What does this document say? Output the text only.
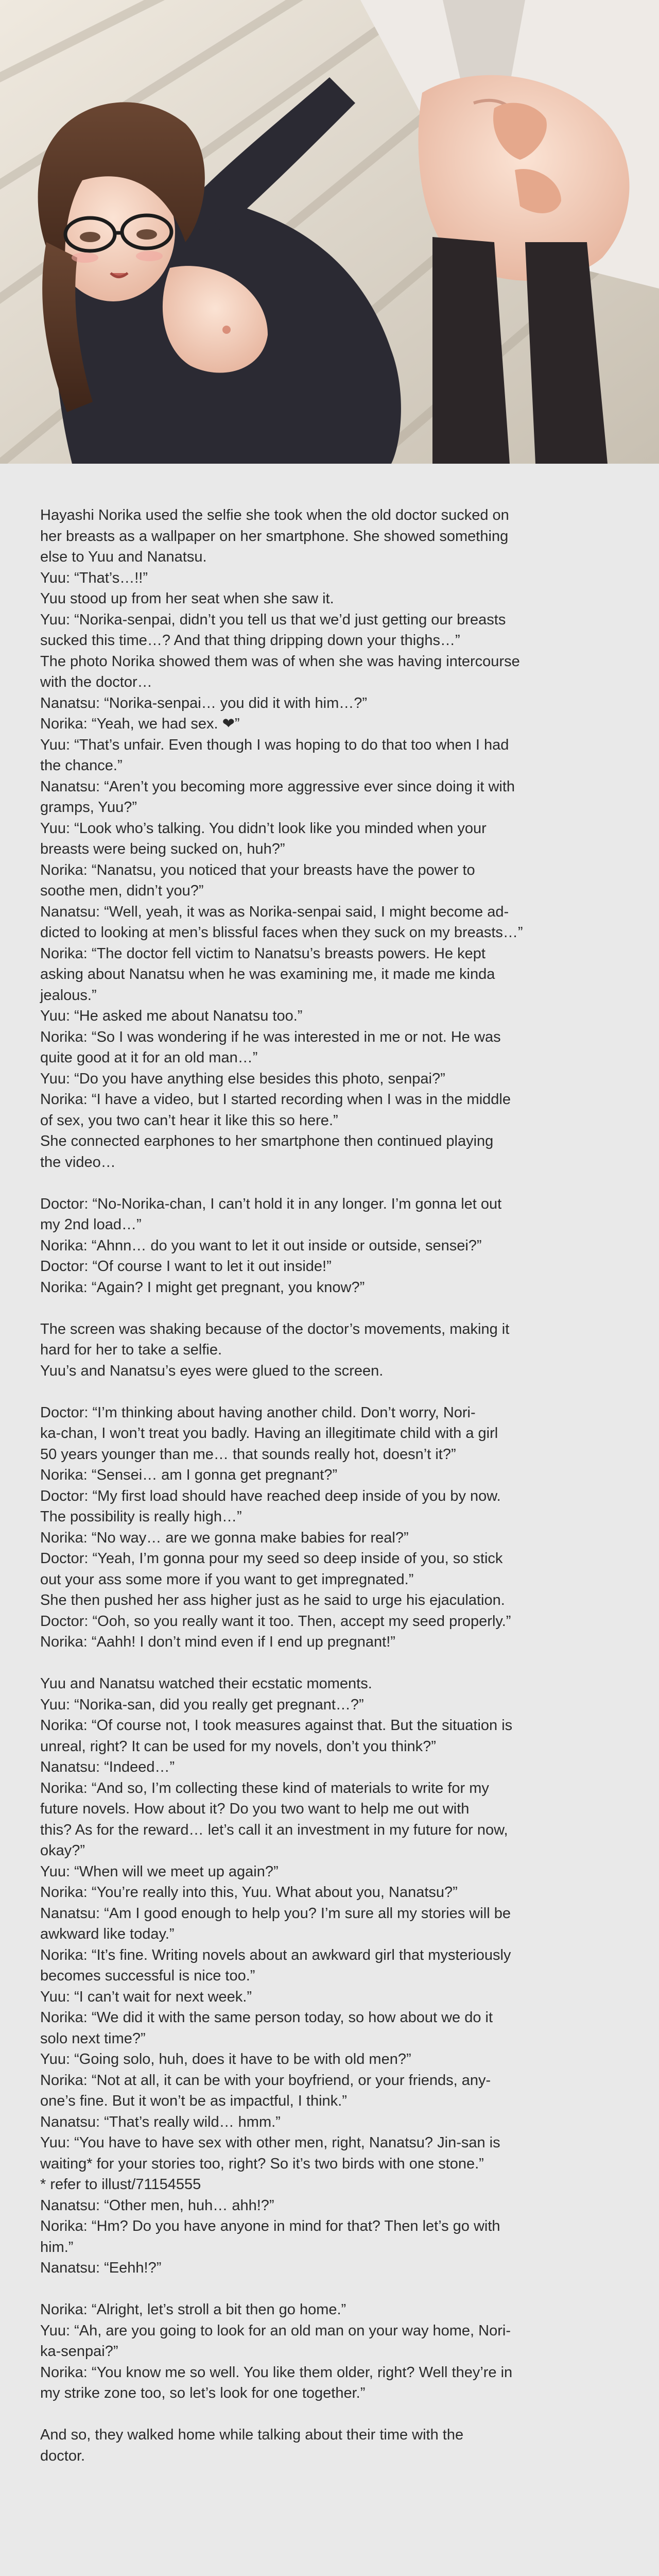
Hayashi Norika used the selfie she took when the old doctor sucked on

her breasts as a wallpaper on her smartphone. She showed something

else to Yuu and Nanatsu.

Yuu: “That’s…!!”

Yuu stood up from her seat when she saw it.

Yuu: “Norika-senpai, didn’t you tell us that we’d just getting our breasts

sucked this time…? And that thing dripping down your thighs…”

The photo Norika showed them was of when she was having intercourse

with the doctor…

Nanatsu: “Norika-senpai… you did it with him…?”

Norika: “Yeah, we had sex. ❤”

Yuu: “That’s unfair. Even though I was hoping to do that too when I had

the chance.”

Nanatsu: “Aren’t you becoming more aggressive ever since doing it with

gramps, Yuu?”

Yuu: “Look who’s talking. You didn’t look like you minded when your

breasts were being sucked on, huh?”

Norika: “Nanatsu, you noticed that your breasts have the power to

soothe men, didn’t you?”

Nanatsu: “Well, yeah, it was as Norika-senpai said, I might become ad-

dicted to looking at men’s blissful faces when they suck on my breasts…”

Norika: “The doctor fell victim to Nanatsu’s breasts powers. He kept

asking about Nanatsu when he was examining me, it made me kinda

jealous.”

Yuu: “He asked me about Nanatsu too.”

Norika: “So I was wondering if he was interested in me or not. He was

quite good at it for an old man…”

Yuu: “Do you have anything else besides this photo, senpai?”

Norika: “I have a video, but I started recording when I was in the middle

of sex, you two can’t hear it like this so here.”

She connected earphones to her smartphone then continued playing

the video…

Doctor: “No-Norika-chan, I can’t hold it in any longer. I’m gonna let out

my 2nd load…”

Norika: “Ahnn… do you want to let it out inside or outside, sensei?”

Doctor: “Of course I want to let it out inside!”

Norika: “Again? I might get pregnant, you know?”

The screen was shaking because of the doctor’s movements, making it

hard for her to take a selfie.

Yuu’s and Nanatsu’s eyes were glued to the screen.

Doctor: “I’m thinking about having another child. Don’t worry, Nori-

ka-chan, I won’t treat you badly. Having an illegitimate child with a girl

50 years younger than me… that sounds really hot, doesn’t it?”

Norika: “Sensei… am I gonna get pregnant?”

Doctor: “My first load should have reached deep inside of you by now.

The possibility is really high…”

Norika: “No way… are we gonna make babies for real?”

Doctor: “Yeah, I’m gonna pour my seed so deep inside of you, so stick

out your ass some more if you want to get impregnated.”

She then pushed her ass higher just as he said to urge his ejaculation.

Doctor: “Ooh, so you really want it too. Then, accept my seed properly.”

Norika: “Aahh! I don’t mind even if I end up pregnant!”

Yuu and Nanatsu watched their ecstatic moments.

Yuu: “Norika-san, did you really get pregnant…?”

Norika: “Of course not, I took measures against that. But the situation is

unreal, right? It can be used for my novels, don’t you think?”

Nanatsu: “Indeed…”

Norika: “And so, I’m collecting these kind of materials to write for my

future novels. How about it? Do you two want to help me out with

this? As for the reward… let’s call it an investment in my future for now,

okay?”

Yuu: “When will we meet up again?”

Norika: “You’re really into this, Yuu. What about you, Nanatsu?”

Nanatsu: “Am I good enough to help you? I’m sure all my stories will be

awkward like today.”

Norika: “It’s fine. Writing novels about an awkward girl that mysteriously

becomes successful is nice too.”

Yuu: “I can’t wait for next week.”

Norika: “We did it with the same person today, so how about we do it

solo next time?”

Yuu: “Going solo, huh, does it have to be with old men?”

Norika: “Not at all, it can be with your boyfriend, or your friends, any-

one’s fine. But it won’t be as impactful, I think.”

Nanatsu: “That’s really wild… hmm.”

Yuu: “You have to have sex with other men, right, Nanatsu? Jin-san is

waiting* for your stories too, right? So it’s two birds with one stone.”

* refer to illust/71154555

Nanatsu: “Other men, huh… ahh!?”

Norika: “Hm? Do you have anyone in mind for that? Then let’s go with

him.”

Nanatsu: “Eehh!?”

Norika: “Alright, let’s stroll a bit then go home.”

Yuu: “Ah, are you going to look for an old man on your way home, Nori-

ka-senpai?”

Norika: “You know me so well. You like them older, right? Well they’re in

my strike zone too, so let’s look for one together.”

And so, they walked home while talking about their time with the

doctor.
